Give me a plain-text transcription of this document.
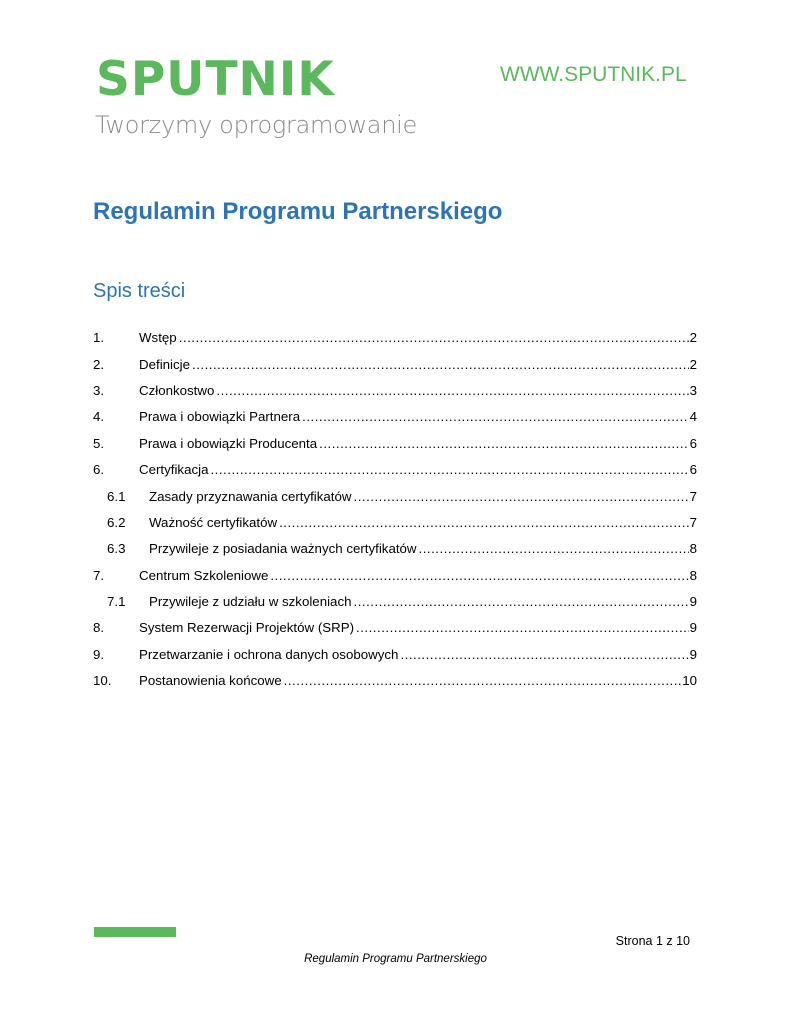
SPUTNIK
Tworzymy oprogramowanie
WWW.SPUTNIK.PL
Regulamin Programu Partnerskiego
Spis treści
1.	Wstęp .....	2
2.	Definicje .....	2
3.	Członkostwo .....	3
4.	Prawa i obowiązki Partnera .....	4
5.	Prawa i obowiązki Producenta .....	6
6.	Certyfikacja .....	6
6.1	Zasady przyznawania certyfikatów .....	7
6.2	Ważność certyfikatów .....	7
6.3	Przywileje z posiadania ważnych certyfikatów .....	8
7.	Centrum Szkoleniowe .....	8
7.1	Przywileje z udziału w szkoleniach .....	9
8.	System Rezerwacji Projektów (SRP) .....	9
9.	Przetwarzanie i ochrona danych osobowych .....	9
10.	Postanowienia końcowe .....	10
Strona 1 z 10
Regulamin Programu Partnerskiego
